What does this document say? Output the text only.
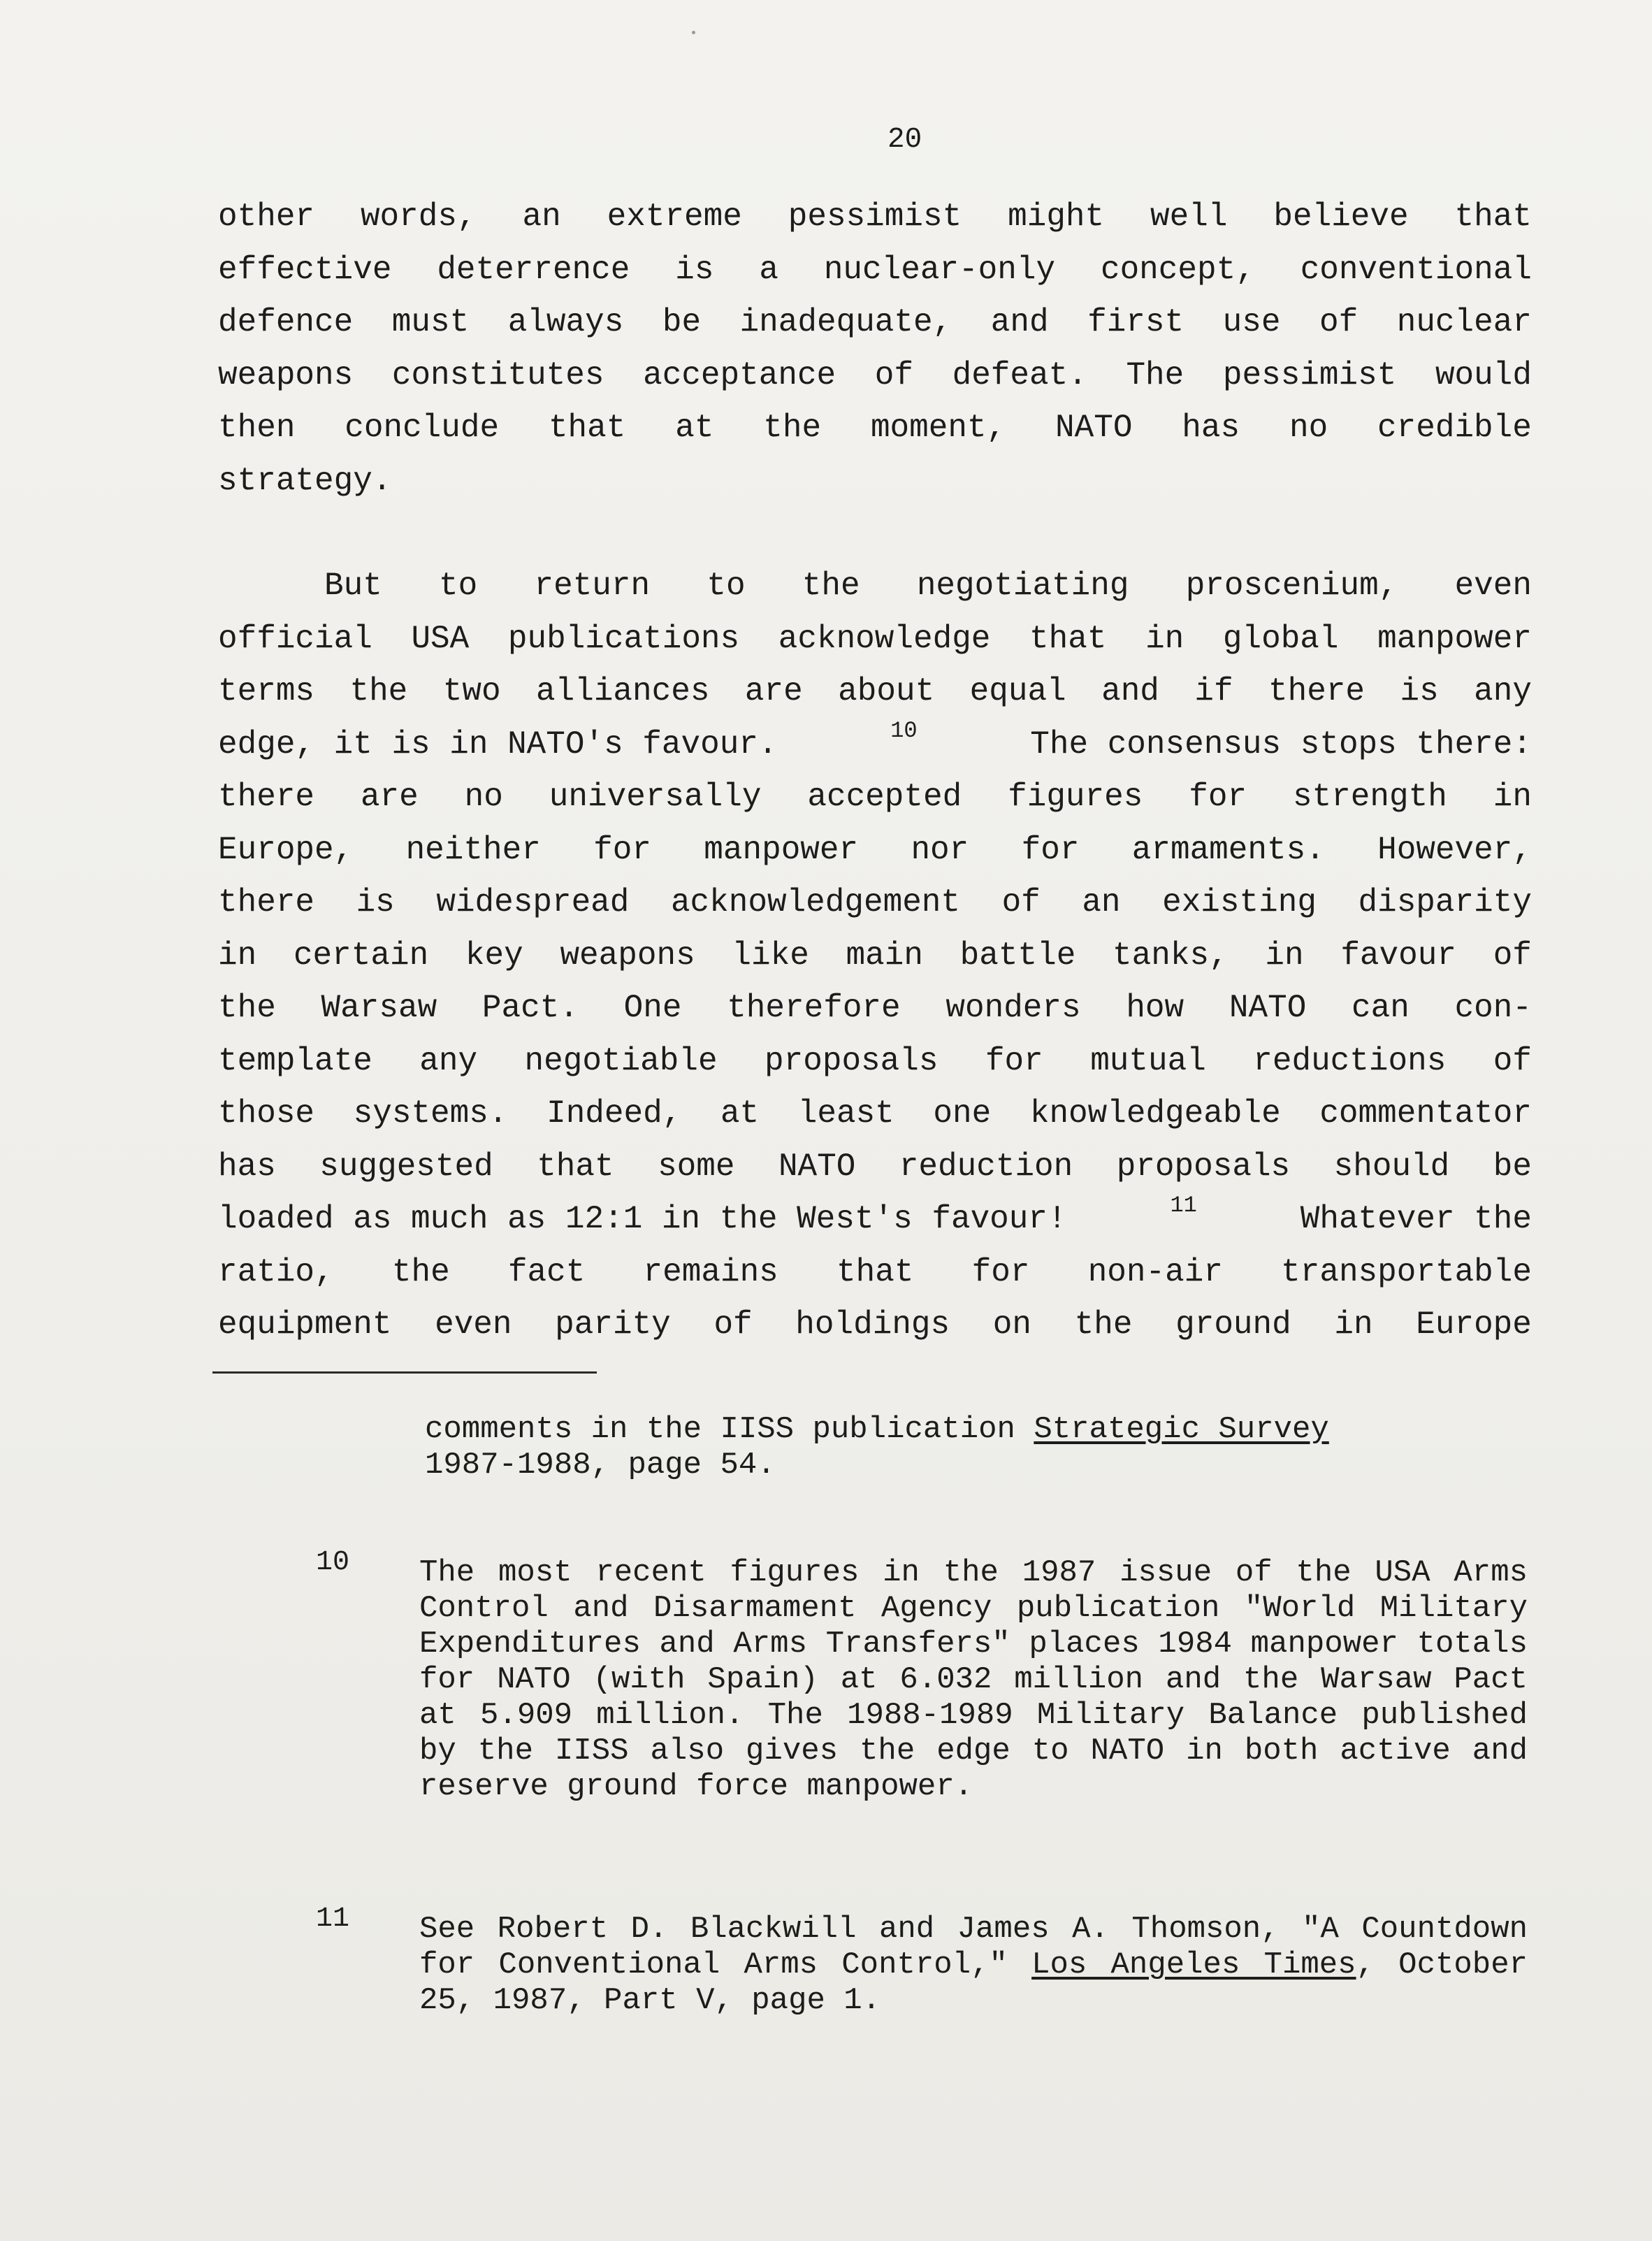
20
other words, an extreme pessimist might well believe that
effective deterrence is a nuclear-only concept, conventional
defence must always be inadequate, and first use of nuclear
weapons constitutes acceptance of defeat. The pessimist would
then conclude that at the moment, NATO has no credible
strategy.
But to return to the negotiating proscenium, even
official USA publications acknowledge that in global manpower
terms the two alliances are about equal and if there is any
edge, it is in NATO's favour.	10	The consensus stops there:
there are no universally accepted figures for strength in
Europe, neither for manpower nor for armaments. However,
there is widespread acknowledgement of an existing disparity
in certain key weapons like main battle tanks, in favour of
the Warsaw Pact. One therefore wonders how NATO can con-
template any negotiable proposals for mutual reductions of
those systems. Indeed, at least one knowledgeable commentator
has suggested that some NATO reduction proposals should be
loaded as much as 12:1 in the West's favour!	11	Whatever the
ratio, the fact remains that for non-air transportable
equipment even parity of holdings on the ground in Europe
comments in the IISS publication Strategic Survey
1987-1988, page 54.
10 The most recent figures in the 1987 issue of the USA Arms Control and Disarmament Agency publication "World Military Expenditures and Arms Transfers" places 1984 manpower totals for NATO (with Spain) at 6.032 million and the Warsaw Pact at 5.909 million. The 1988-1989 Military Balance published by the IISS also gives the edge to NATO in both active and reserve ground force manpower.
11 See Robert D. Blackwill and James A. Thomson, "A Countdown for Conventional Arms Control," Los Angeles Times, October 25, 1987, Part V, page 1.
